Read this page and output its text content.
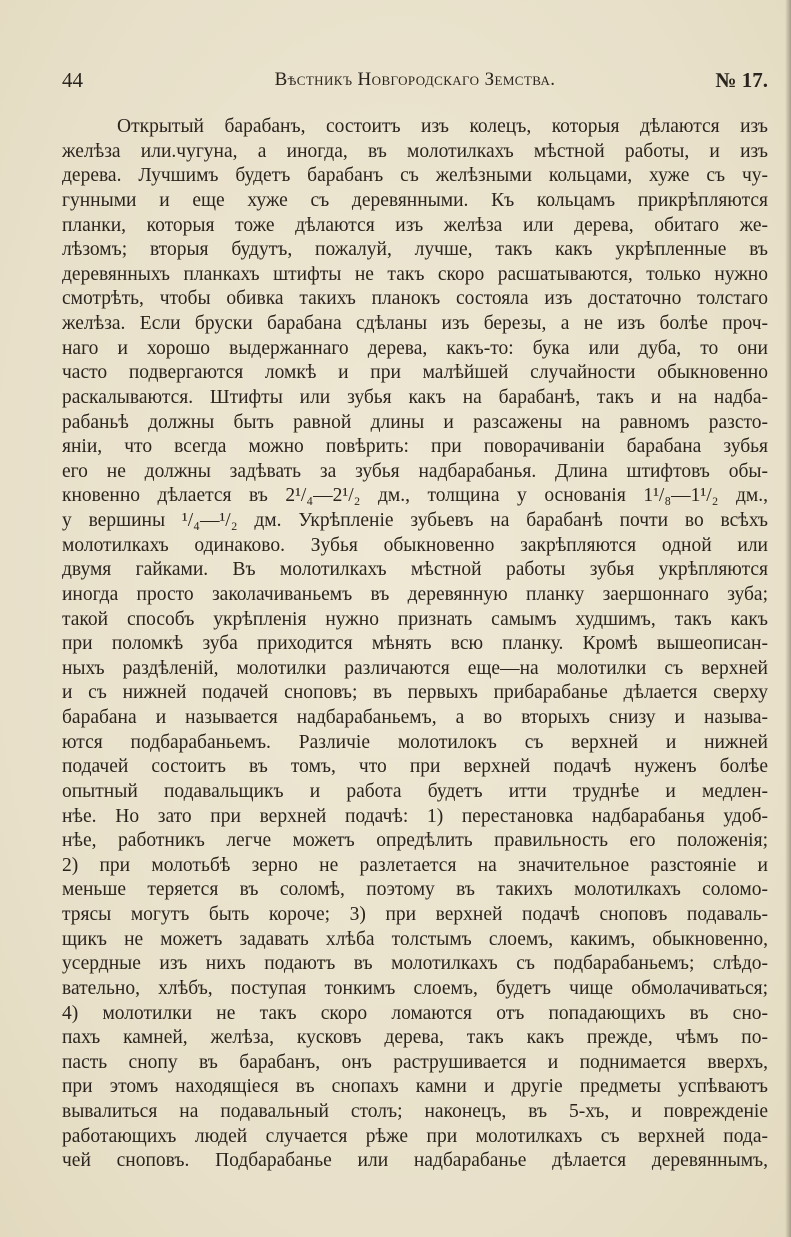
44	Вѣстникъ Новгородскаго Земства.	№ 17.
Открытый барабанъ, состоитъ изъ колецъ, которыя дѣлаются изъ
желѣза или.чугуна, а иногда, въ молотилкахъ мѣстной работы, и изъ
дерева. Лучшимъ будетъ барабанъ съ желѣзными кольцами, хуже съ чу-
гунными и еще хуже съ деревянными. Къ кольцамъ прикрѣпляются
планки, которыя тоже дѣлаются изъ желѣза или дерева, обитаго же-
лѣзомъ; вторыя будутъ, пожалуй, лучше, такъ какъ укрѣпленные въ
деревянныхъ планкахъ штифты не такъ скоро расшатываются, только нужно
смотрѣть, чтобы обивка такихъ планокъ состояла изъ достаточно толстаго
желѣза. Если бруски барабана сдѣланы изъ березы, а не изъ болѣе проч-
наго и хорошо выдержаннаго дерева, какъ-то: бука или дуба, то они
часто подвергаются ломкѣ и при малѣйшей случайности обыкновенно
раскалываются. Штифты или зубья какъ на барабанѣ, такъ и на надба-
рабаньѣ должны быть равной длины и разсажены на равномъ разсто-
яніи, что всегда можно повѣрить: при поворачиваніи барабана зубья
его не должны задѣвать за зубья надбарабанья. Длина штифтовъ обы-
кновенно дѣлается въ 2¹/₄—2¹/₂ дм., толщина у основанія 1¹/₈—1¹/₂ дм.,
у вершины ¹/₄—¹/₂ дм. Укрѣпленіе зубьевъ на барабанѣ почти во всѣхъ
молотилкахъ одинаково. Зубья обыкновенно закрѣпляются одной или
двумя гайками. Въ молотилкахъ мѣстной работы зубья укрѣпляются
иногда просто заколачиваньемъ въ деревянную планку заершоннаго зуба;
такой способъ укрѣпленія нужно признать самымъ худшимъ, такъ какъ
при поломкѣ зуба приходится мѣнять всю планку. Кромѣ вышеописан-
ныхъ раздѣленій, молотилки различаются еще—на молотилки съ верхней
и съ нижней подачей сноповъ; въ первыхъ прибарабанье дѣлается сверху
барабана и называется надбарабаньемъ, а во вторыхъ снизу и называ-
ются подбарабаньемъ. Различіе молотилокъ съ верхней и нижней
подачей состоитъ въ томъ, что при верхней подачѣ нуженъ болѣе
опытный подавальщикъ и работа будетъ итти труднѣе и медлен-
нѣе. Но зато при верхней подачѣ: 1) перестановка надбарабанья удоб-
нѣе, работникъ легче можетъ опредѣлить правильность его положенія;
2) при молотьбѣ зерно не разлетается на значительное разстояніе и
меньше теряется въ соломѣ, поэтому въ такихъ молотилкахъ соломо-
трясы могутъ быть короче; 3) при верхней подачѣ сноповъ подаваль-
щикъ не можетъ задавать хлѣба толстымъ слоемъ, какимъ, обыкновенно,
усердные изъ нихъ подаютъ въ молотилкахъ съ подбарабаньемъ; слѣдо-
вательно, хлѣбъ, поступая тонкимъ слоемъ, будетъ чище обмолачиваться;
4) молотилки не такъ скоро ломаются отъ попадающихъ въ сно-
пахъ камней, желѣза, кусковъ дерева, такъ какъ прежде, чѣмъ по-
пасть снопу въ барабанъ, онъ раструшивается и поднимается вверхъ,
при этомъ находящіеся въ снопахъ камни и другіе предметы успѣваютъ
вывалиться на подавальный столъ; наконецъ, въ 5-хъ, и поврежденіе
работающихъ людей случается рѣже при молотилкахъ съ верхней пода-
чей сноповъ. Подбарабанье или надбарабанье дѣлается деревяннымъ,
